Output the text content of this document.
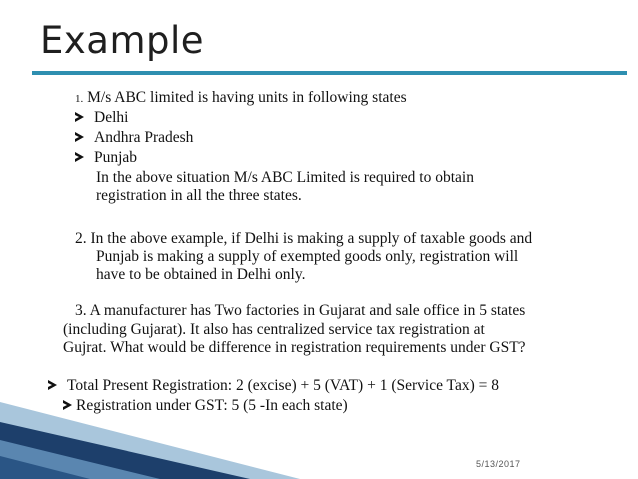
Example
1. M/s ABC limited is having units in following states
Delhi
Andhra Pradesh
Punjab
In the above situation M/s ABC Limited is required to obtain
registration in all the three states.
2. In the above example, if Delhi is making a supply of taxable goods and
Punjab is making a supply of exempted goods only, registration will
have to be obtained in Delhi only.
3. A manufacturer has Two factories in Gujarat and sale office in 5 states
(including Gujarat). It also has centralized service tax registration at
Gujrat. What would be difference in registration requirements under GST?
Total Present Registration: 2 (excise) + 5 (VAT) + 1 (Service Tax) = 8
Registration under GST: 5 (5 -In each state)
5/13/2017
